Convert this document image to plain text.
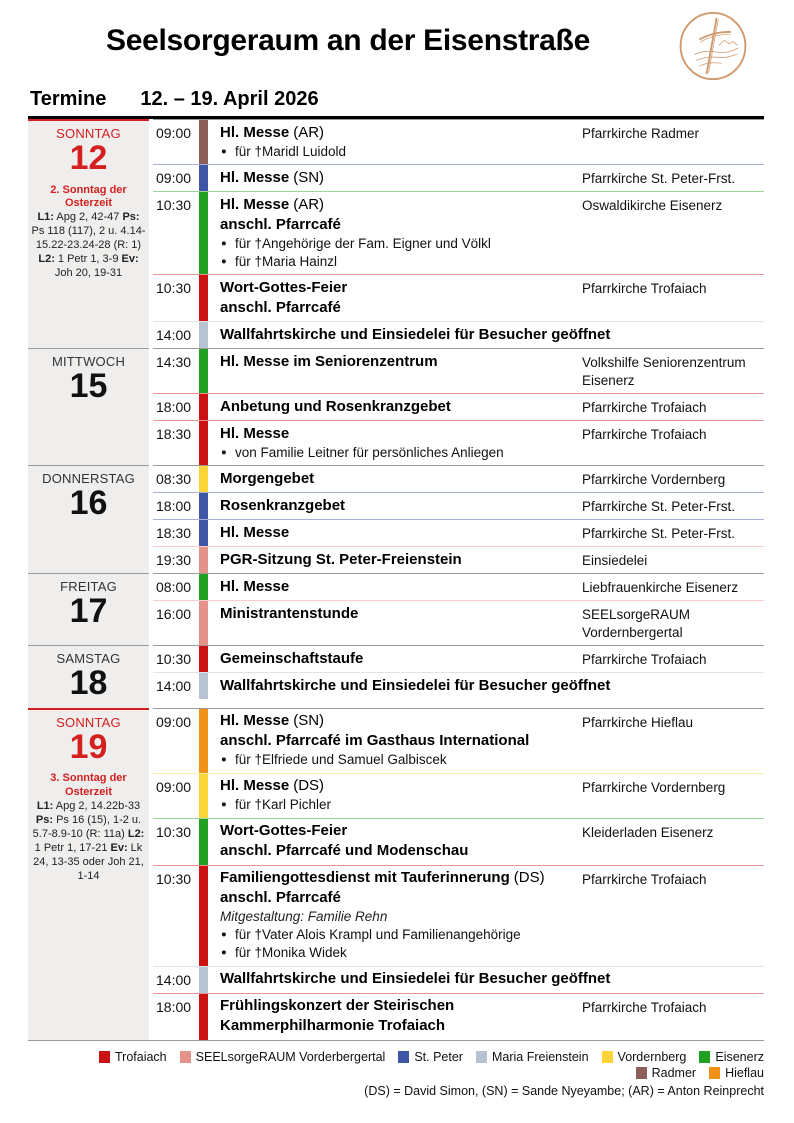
Seelsorgeraum an der Eisenstraße
Termine 12. – 19. April 2026
SONNTAG
12
2. Sonntag der Osterzeit
L1: Apg 2, 42-47 Ps: Ps 118 (117), 2 u. 4.14-15.22-23.24-28 (R: 1) L2: 1 Petr 1, 3-9 Ev: Joh 20, 19-31
09:00	Hl. Messe (AR)
● für †Maridl Luidold
Pfarrkirche Radmer
09:00	Hl. Messe (SN)	Pfarrkirche St. Peter-Frst.
10:30	Hl. Messe (AR)
anschl. Pfarrcafé
● für †Angehörige der Fam. Eigner und Völkl
● für †Maria Hainzl
Oswaldikirche Eisenerz
10:30	Wort-Gottes-Feier
anschl. Pfarrcafé
Pfarrkirche Trofaiach
14:00	Wallfahrtskirche und Einsiedelei für Besucher geöffnet
MITTWOCH
15
14:30	Hl. Messe im Seniorenzentrum	Volkshilfe Seniorenzentrum Eisenerz
18:00	Anbetung und Rosenkranzgebet	Pfarrkirche Trofaiach
18:30	Hl. Messe
● von Familie Leitner für persönliches Anliegen
Pfarrkirche Trofaiach
DONNERSTAG
16
08:30	Morgengebet	Pfarrkirche Vordernberg
18:00	Rosenkranzgebet	Pfarrkirche St. Peter-Frst.
18:30	Hl. Messe	Pfarrkirche St. Peter-Frst.
19:30	PGR-Sitzung St. Peter-Freienstein	Einsiedelei
FREITAG
17
08:00	Hl. Messe	Liebfrauenkirche Eisenerz
16:00	Ministrantenstunde	SEELsorgeRAUM Vordernbergertal
SAMSTAG
18
10:30	Gemeinschaftstaufe	Pfarrkirche Trofaiach
14:00	Wallfahrtskirche und Einsiedelei für Besucher geöffnet
SONNTAG
19
3. Sonntag der Osterzeit
L1: Apg 2, 14.22b-33 Ps: Ps 16 (15), 1-2 u. 5.7-8.9-10 (R: 11a) L2: 1 Petr 1, 17-21 Ev: Lk 24, 13-35 oder Joh 21, 1-14
09:00	Hl. Messe (SN)
anschl. Pfarrcafé im Gasthaus International
● für †Elfriede und Samuel Galbiscek
Pfarrkirche Hieflau
09:00	Hl. Messe (DS)
● für †Karl Pichler
Pfarrkirche Vordernberg
10:30	Wort-Gottes-Feier
anschl. Pfarrcafé und Modenschau
Kleiderladen Eisenerz
10:30	Familiengottesdienst mit Tauferinnerung (DS)
anschl. Pfarrcafé
Mitgestaltung: Familie Rehn
● für †Vater Alois Krampl und Familienangehörige
● für †Monika Widek
Pfarrkirche Trofaiach
14:00	Wallfahrtskirche und Einsiedelei für Besucher geöffnet
18:00	Frühlingskonzert der Steirischen Kammerphilharmonie Trofaiach
Pfarrkirche Trofaiach
Trofaiach SEELsorgeRAUM Vorderbergertal St. Peter Maria Freienstein Vordernberg Eisenerz
Radmer Hieflau
(DS) = David Simon, (SN) = Sande Nyeyambe; (AR) = Anton Reinprecht
